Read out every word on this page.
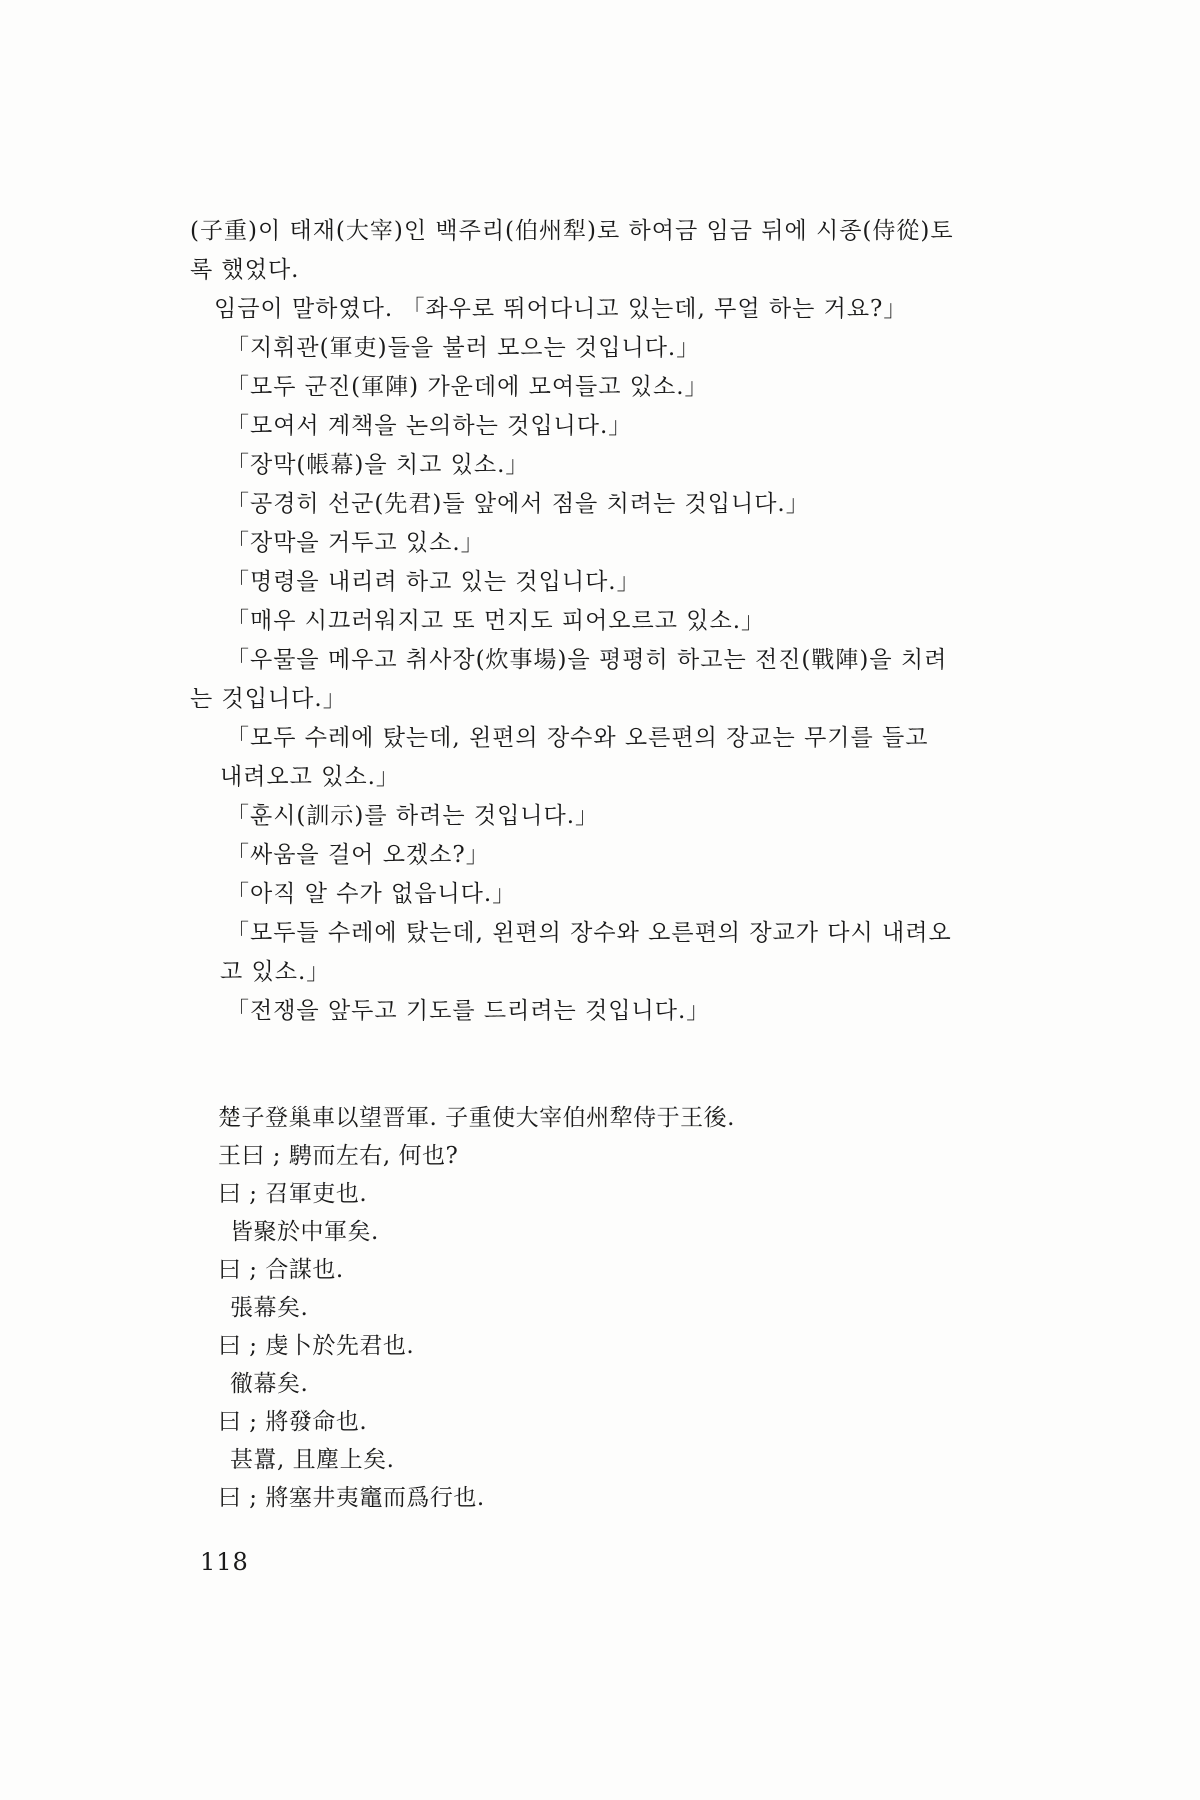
(子重)이 태재(大宰)인 백주리(伯州犁)로 하여금 임금 뒤에 시종(侍從)토
록 했었다.
임금이 말하였다. 「좌우로 뛰어다니고 있는데, 무얼 하는 거요?」
「지휘관(軍吏)들을 불러 모으는 것입니다.」
「모두 군진(軍陣) 가운데에 모여들고 있소.」
「모여서 계책을 논의하는 것입니다.」
「장막(帳幕)을 치고 있소.」
「공경히 선군(先君)들 앞에서 점을 치려는 것입니다.」
「장막을 거두고 있소.」
「명령을 내리려 하고 있는 것입니다.」
「매우 시끄러워지고 또 먼지도 피어오르고 있소.」
「우물을 메우고 취사장(炊事場)을 평평히 하고는 전진(戰陣)을 치려
는 것입니다.」
「모두 수레에 탔는데, 왼편의 장수와 오른편의 장교는 무기를 들고
내려오고 있소.」
「훈시(訓示)를 하려는 것입니다.」
「싸움을 걸어 오겠소?」
「아직 알 수가 없읍니다.」
「모두들 수레에 탔는데, 왼편의 장수와 오른편의 장교가 다시 내려오
고 있소.」
「전쟁을 앞두고 기도를 드리려는 것입니다.」
楚子登巢車以望晋軍. 子重使大宰伯州犂侍于王後.
王曰 ; 騁而左右, 何也?
曰 ; 召軍吏也.
皆聚於中軍矣.
曰 ; 合謀也.
張幕矣.
曰 ; 虔卜於先君也.
徹幕矣.
曰 ; 將發命也.
甚囂, 且塵上矣.
曰 ; 將塞井夷竈而爲行也.
118
